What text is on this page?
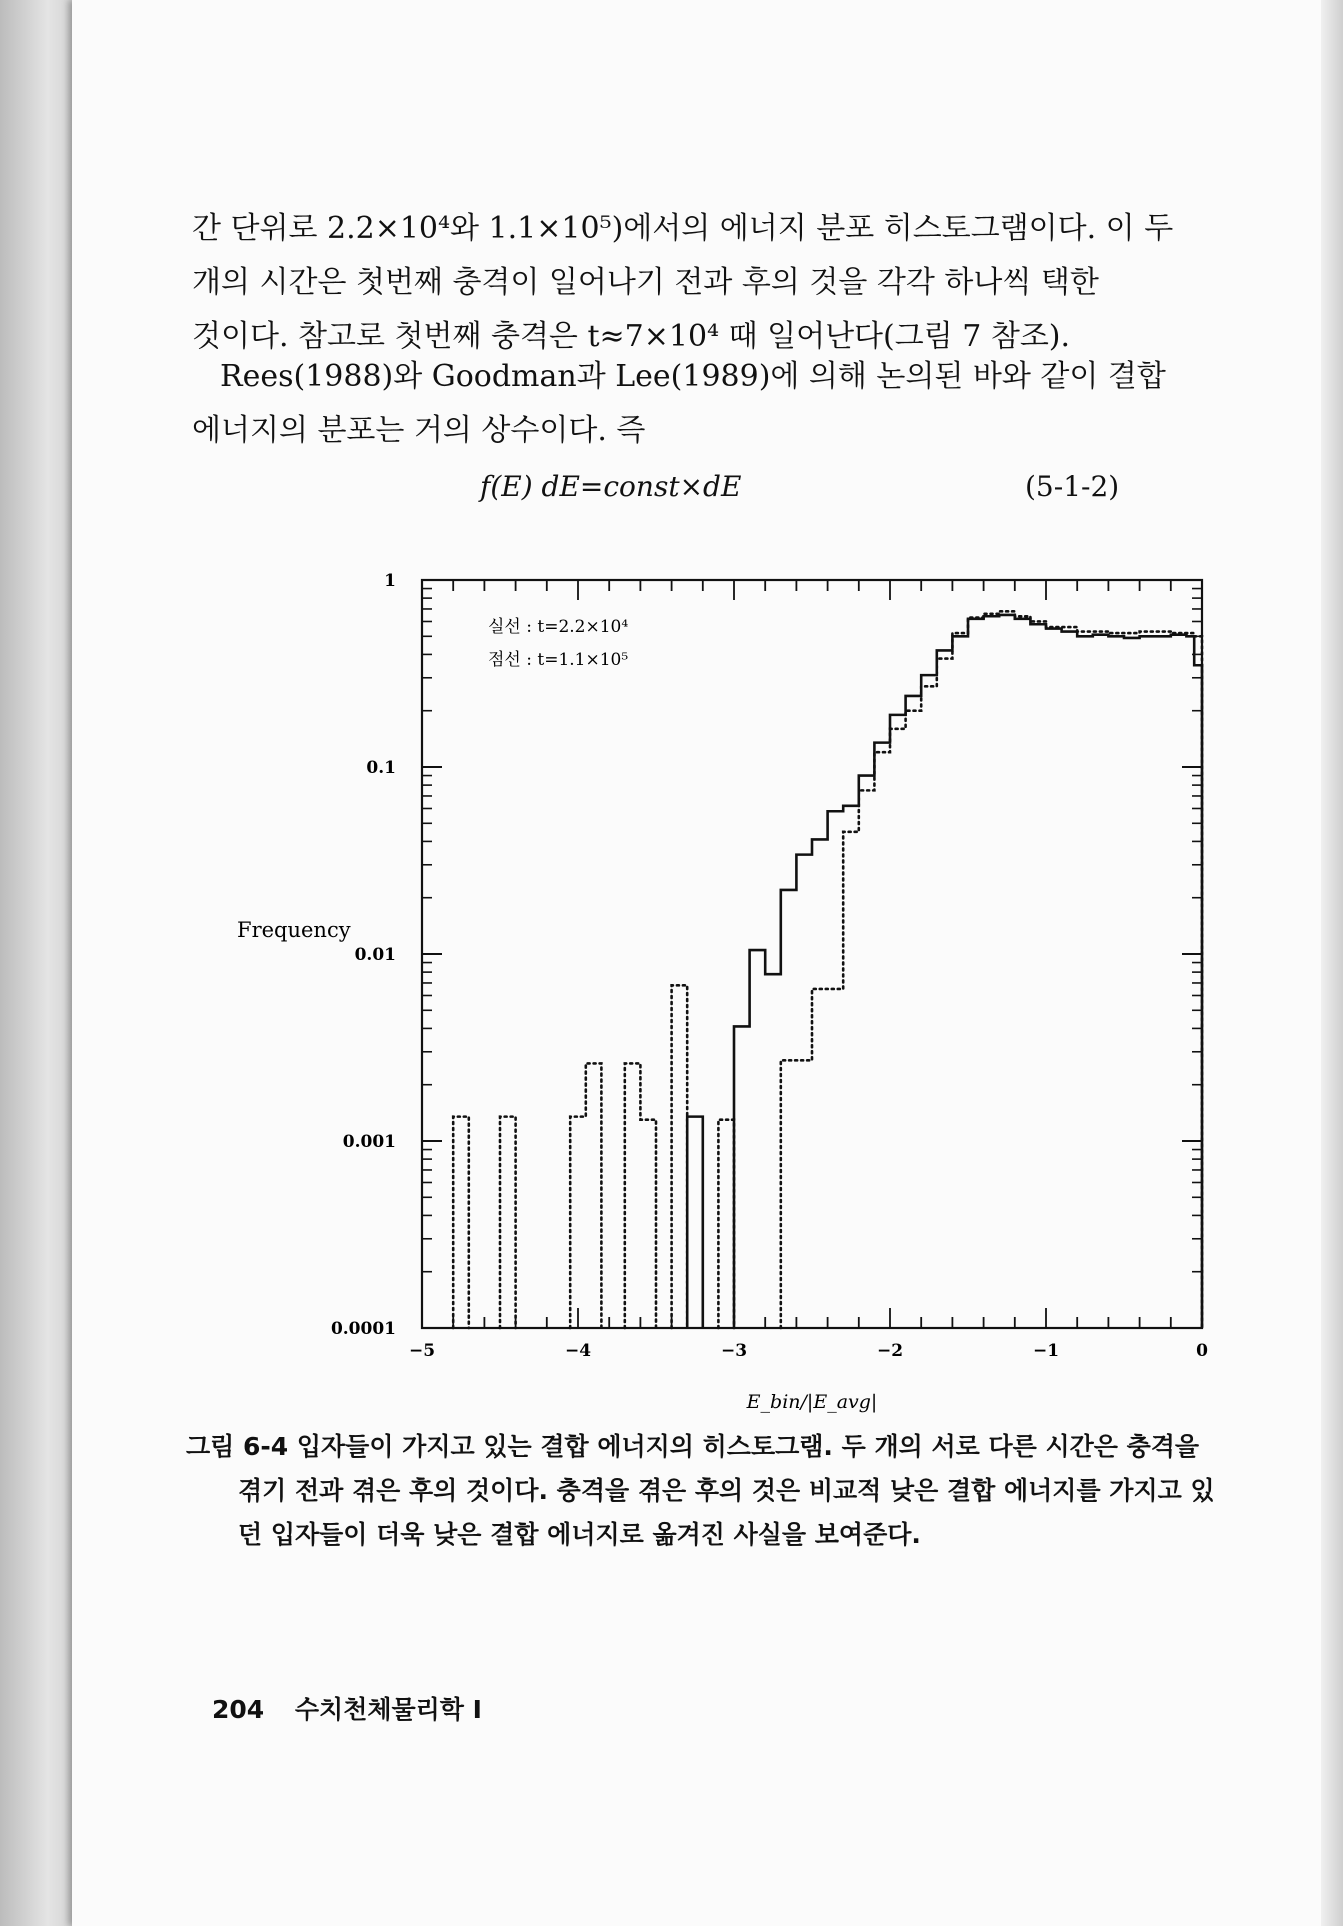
간 단위로 2.2×10⁴와 1.1×10⁵)에서의 에너지 분포 히스토그램이다. 이 두
개의 시간은 첫번째 충격이 일어나기 전과 후의 것을 각각 하나씩 택한
것이다. 참고로 첫번째 충격은 t≈7×10⁴ 때 일어난다(그림 7 참조).
Rees(1988)와 Goodman과 Lee(1989)에 의해 논의된 바와 같이 결합
에너지의 분포는 거의 상수이다. 즉
f(E) dE=const×dE	(5-1-2)
1
0.1
0.01
0.001
0.0001
−5	−4	−3	−2	−1	0
Frequency
E_bin/|E_avg|
실선 : t=2.2×10⁴
점선 : t=1.1×10⁵
그림 6-4 입자들이 가지고 있는 결합 에너지의 히스토그램. 두 개의 서로 다른 시간은 충격을 겪기 전과 겪은 후의 것이다. 충격을 겪은 후의 것은 비교적 낮은 결합 에너지를 가지고 있던 입자들이 더욱 낮은 결합 에너지로 옮겨진 사실을 보여준다.
204 수치천체물리학 Ⅰ
